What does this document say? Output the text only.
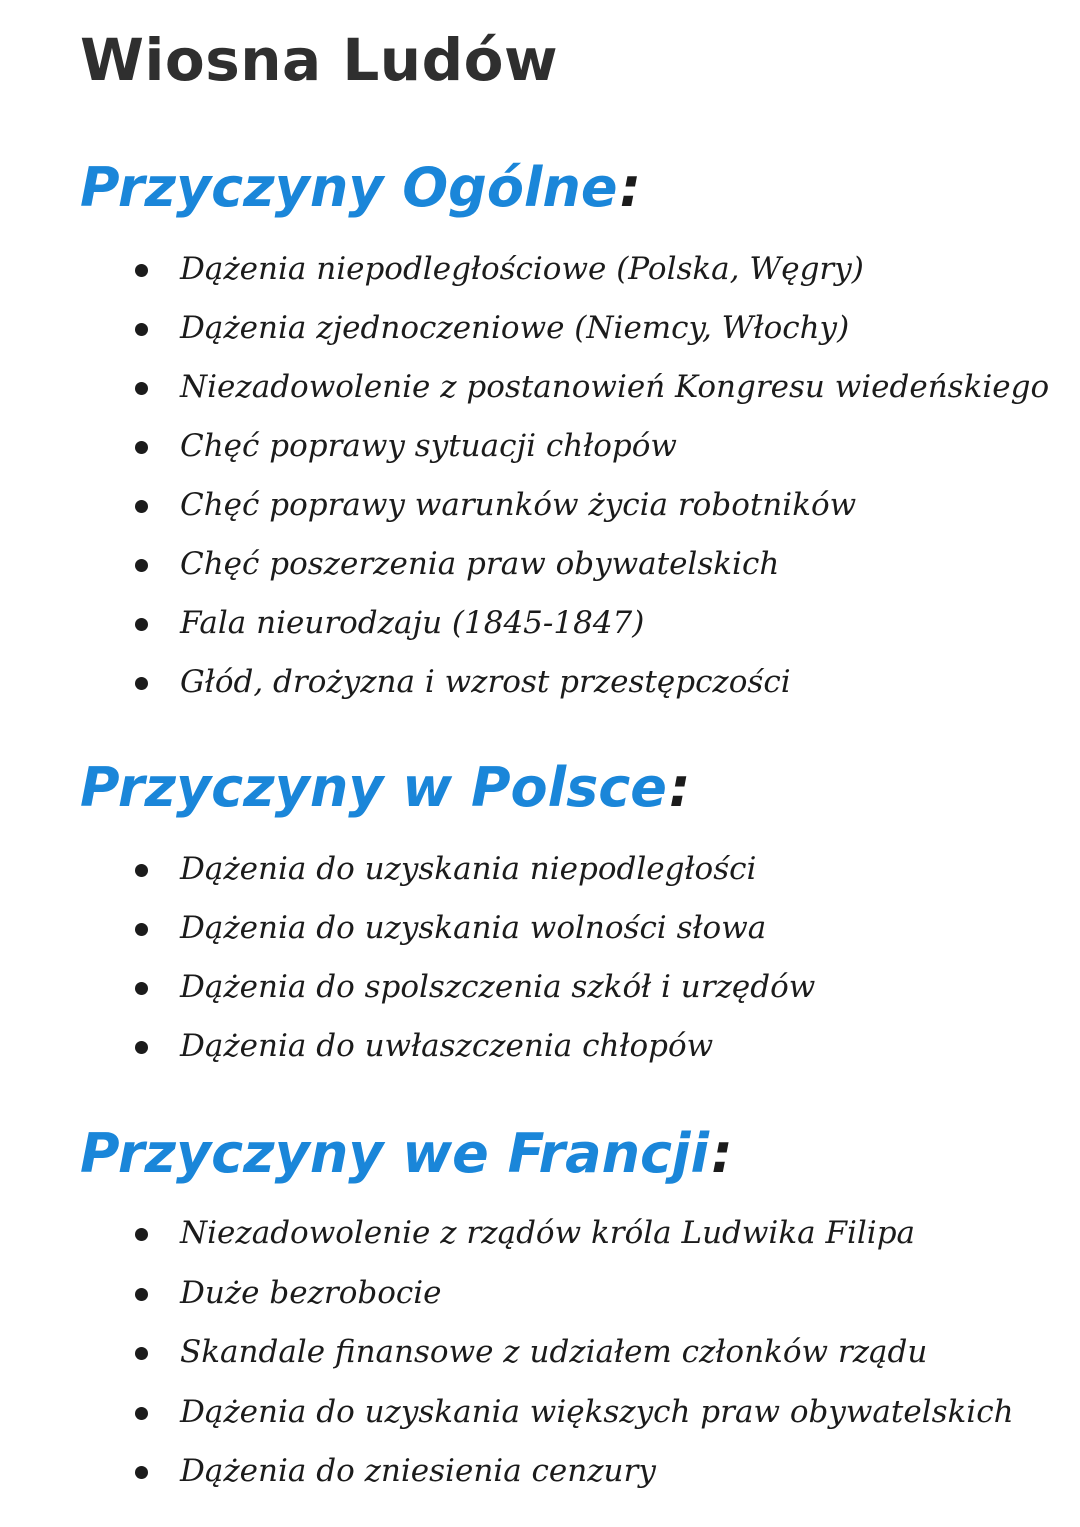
Wiosna Ludów
Przyczyny Ogólne:
Dążenia niepodległościowe (Polska, Węgry)
Dążenia zjednoczeniowe (Niemcy, Włochy)
Niezadowolenie z postanowień Kongresu wiedeńskiego
Chęć poprawy sytuacji chłopów
Chęć poprawy warunków życia robotników
Chęć poszerzenia praw obywatelskich
Fala nieurodzaju (1845-1847)
Głód, drożyzna i wzrost przestępczości
Przyczyny w Polsce:
Dążenia do uzyskania niepodległości
Dążenia do uzyskania wolności słowa
Dążenia do spolszczenia szkół i urzędów
Dążenia do uwłaszczenia chłopów
Przyczyny we Francji:
Niezadowolenie z rządów króla Ludwika Filipa
Duże bezrobocie
Skandale finansowe z udziałem członków rządu
Dążenia do uzyskania większych praw obywatelskich
Dążenia do zniesienia cenzury
